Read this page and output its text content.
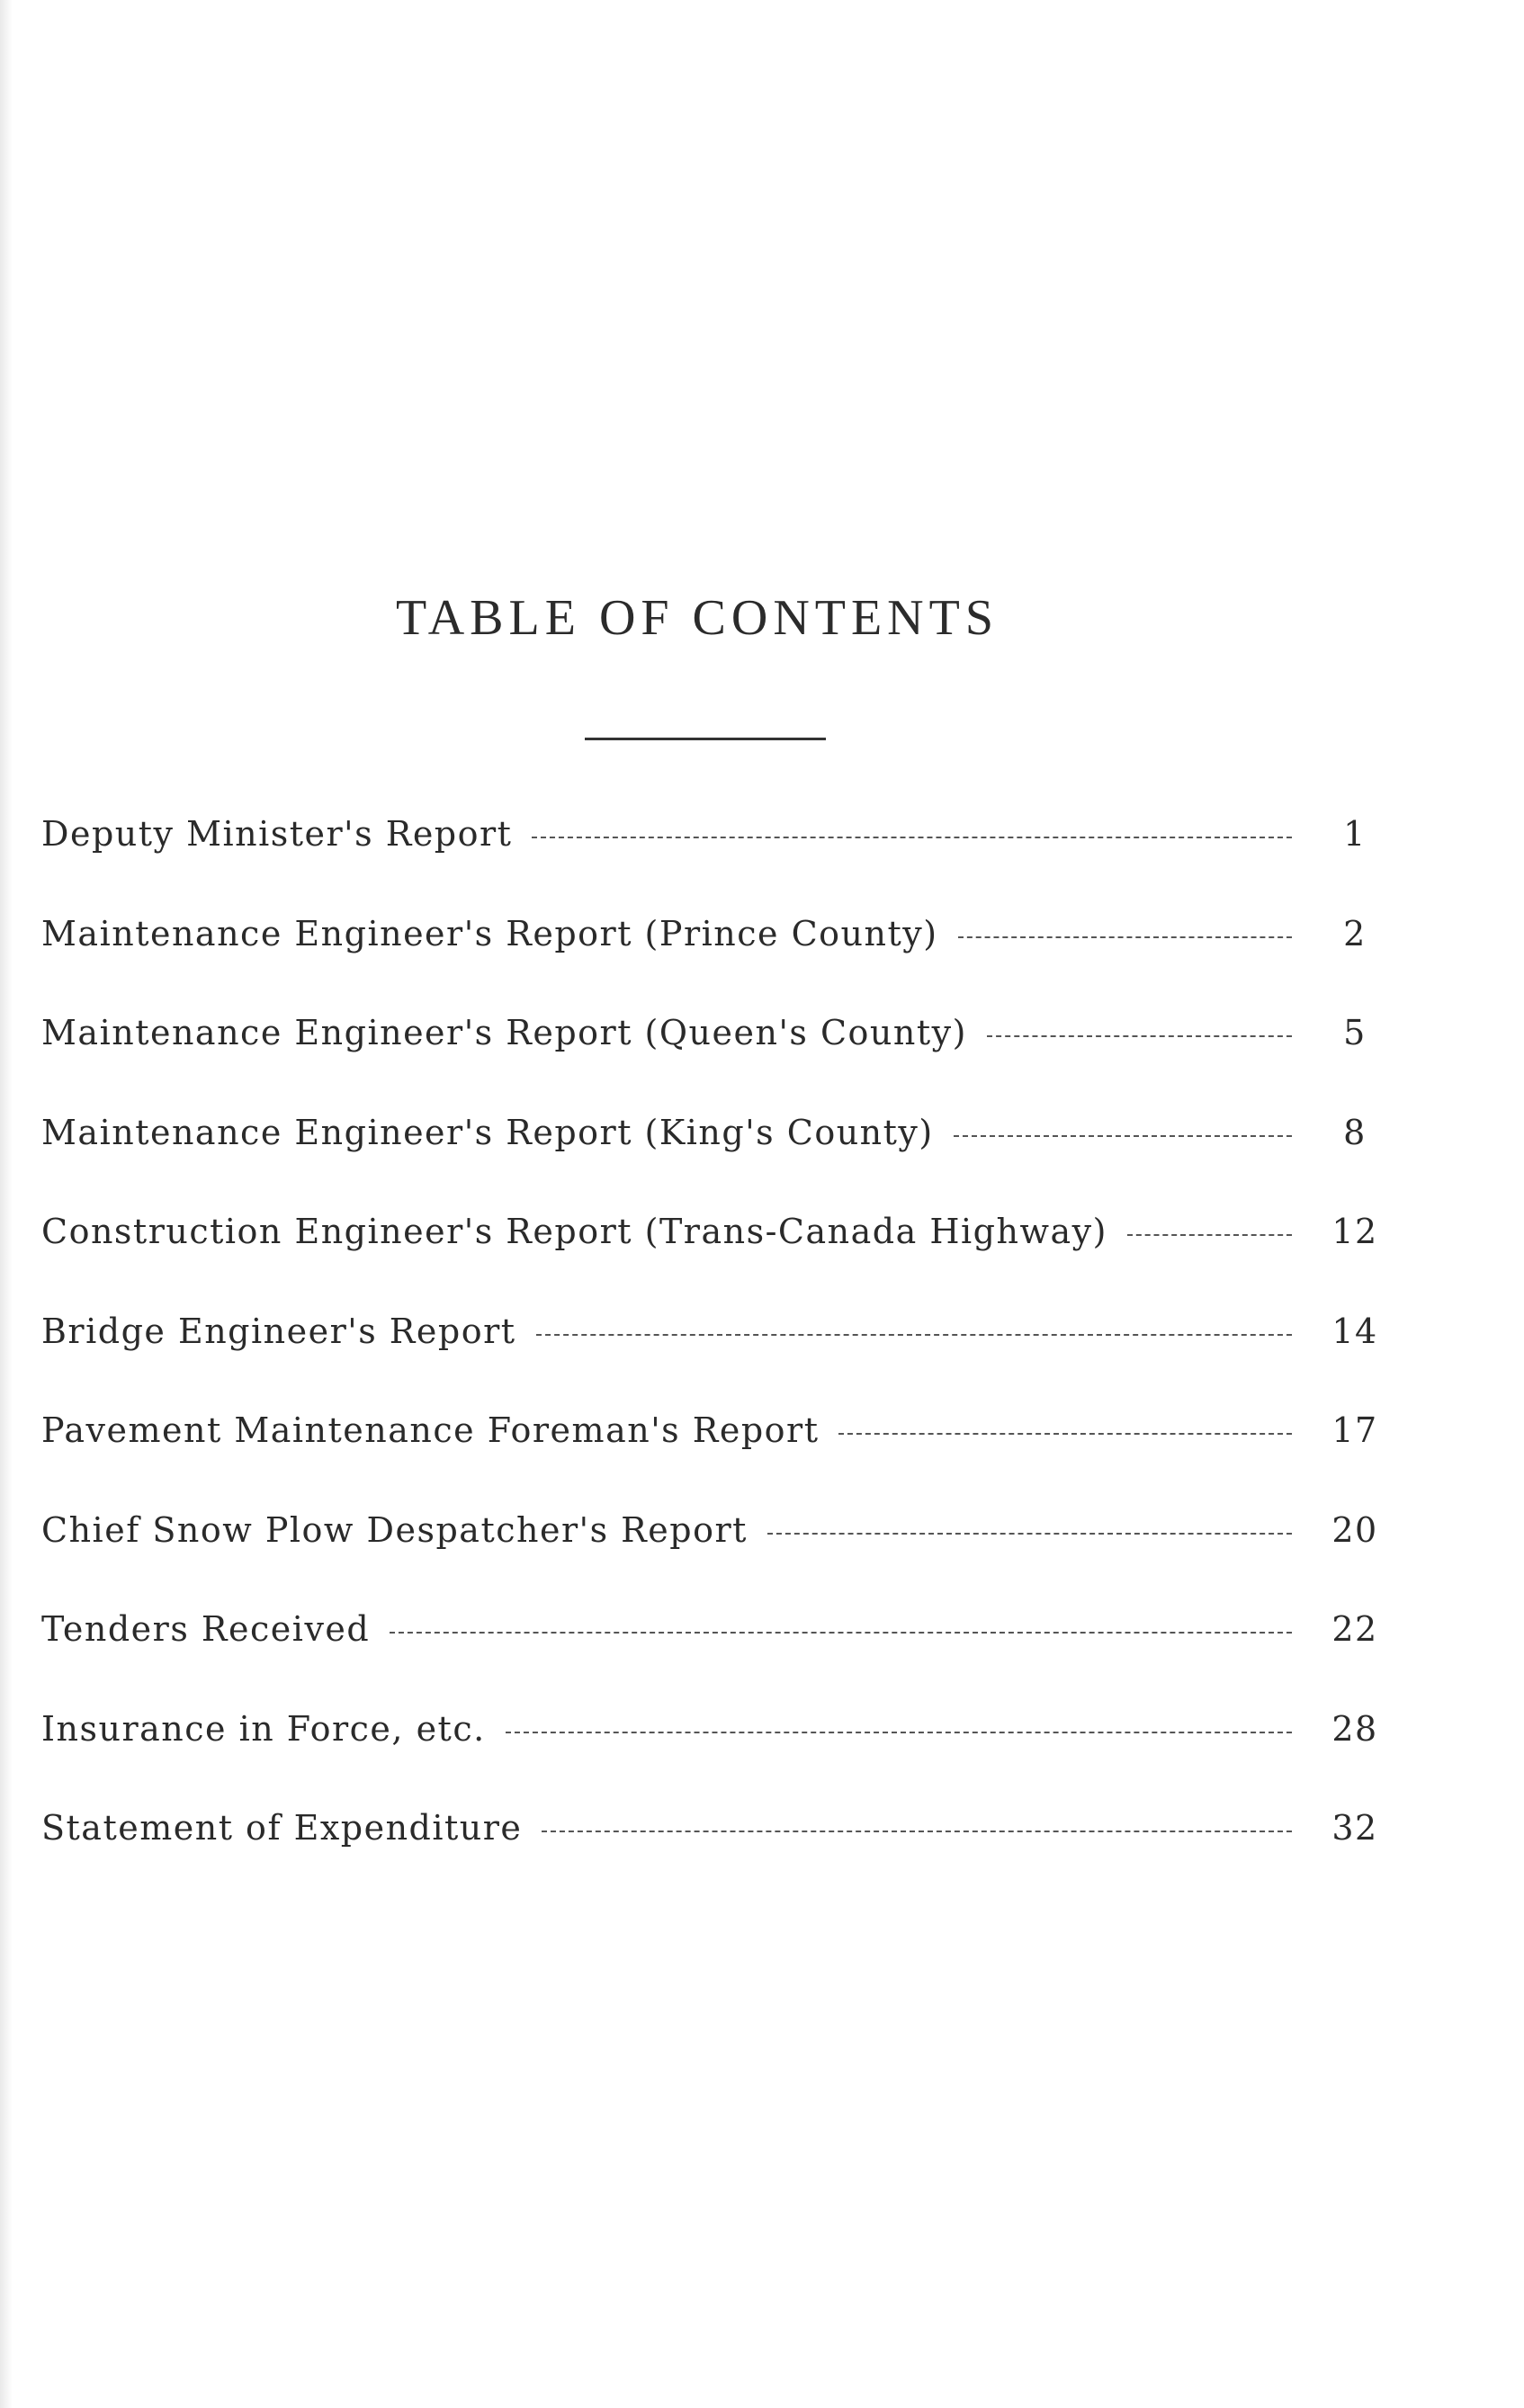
TABLE OF CONTENTS
Deputy Minister's Report	1
Maintenance Engineer's Report (Prince County)	2
Maintenance Engineer's Report (Queen's County)	5
Maintenance Engineer's Report (King's County)	8
Construction Engineer's Report (Trans-Canada Highway)	12
Bridge Engineer's Report	14
Pavement Maintenance Foreman's Report	17
Chief Snow Plow Despatcher's Report	20
Tenders Received	22
Insurance in Force, etc.	28
Statement of Expenditure	32
